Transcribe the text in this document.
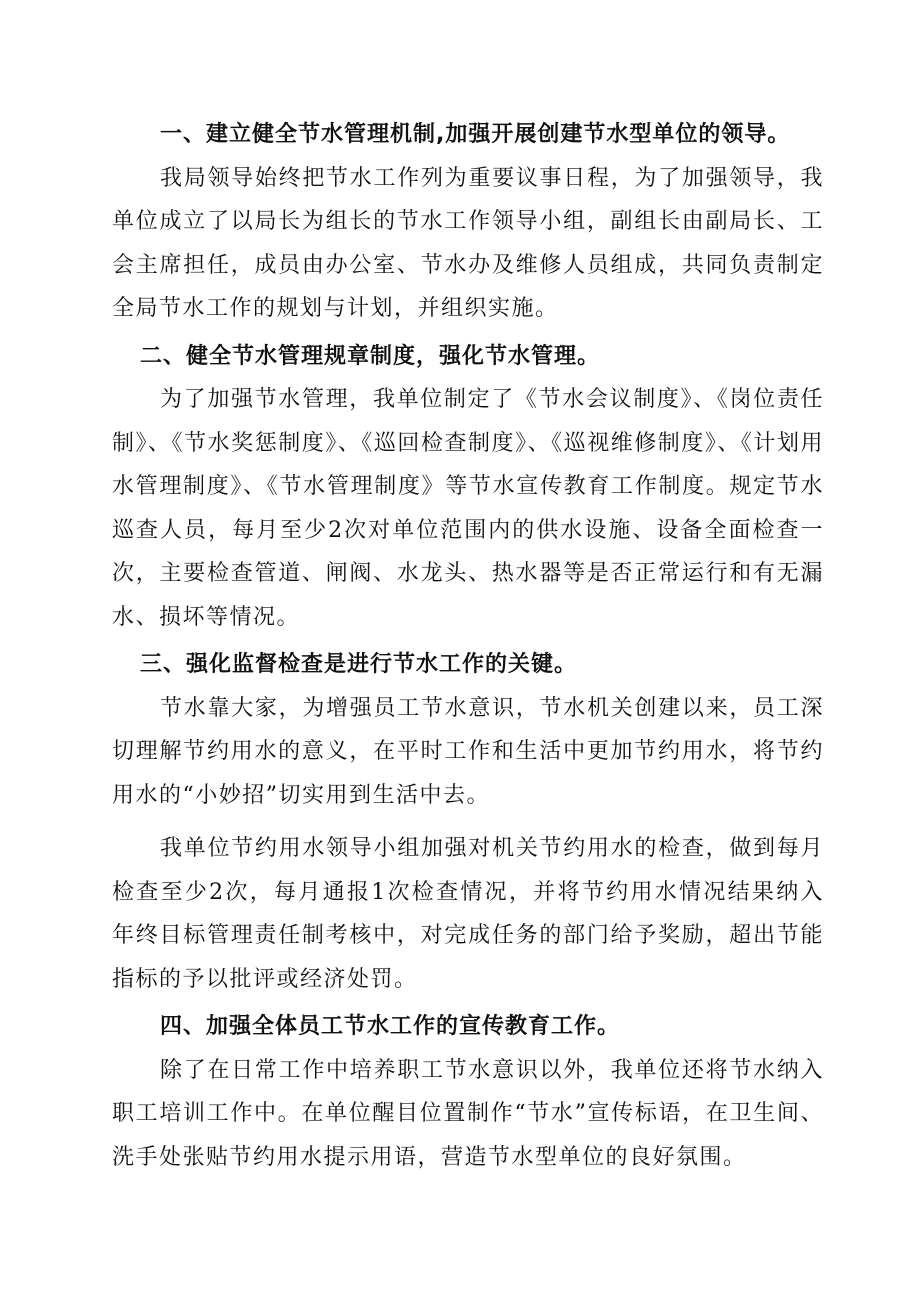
一、建立健全节水管理机制,加强开展创建节水型单位的领导。

我局领导始终把节水工作列为重要议事日程，为了加强领导，我单位成立了以局长为组长的节水工作领导小组，副组长由副局长、工会主席担任，成员由办公室、节水办及维修人员组成，共同负责制定全局节水工作的规划与计划，并组织实施。

二、健全节水管理规章制度，强化节水管理。

为了加强节水管理，我单位制定了《节水会议制度》、《岗位责任制》、《节水奖惩制度》、《巡回检查制度》、《巡视维修制度》、《计划用水管理制度》、《节水管理制度》等节水宣传教育工作制度。规定节水巡查人员，每月至少2次对单位范围内的供水设施、设备全面检查一次，主要检查管道、闸阀、水龙头、热水器等是否正常运行和有无漏水、损坏等情况。

三、强化监督检查是进行节水工作的关键。

节水靠大家，为增强员工节水意识，节水机关创建以来，员工深切理解节约用水的意义，在平时工作和生活中更加节约用水，将节约用水的“小妙招”切实用到生活中去。

我单位节约用水领导小组加强对机关节约用水的检查，做到每月检查至少2次，每月通报1次检查情况，并将节约用水情况结果纳入年终目标管理责任制考核中，对完成任务的部门给予奖励，超出节能指标的予以批评或经济处罚。

四、加强全体员工节水工作的宣传教育工作。

除了在日常工作中培养职工节水意识以外，我单位还将节水纳入职工培训工作中。在单位醒目位置制作“节水”宣传标语，在卫生间、洗手处张贴节约用水提示用语，营造节水型单位的良好氛围。
